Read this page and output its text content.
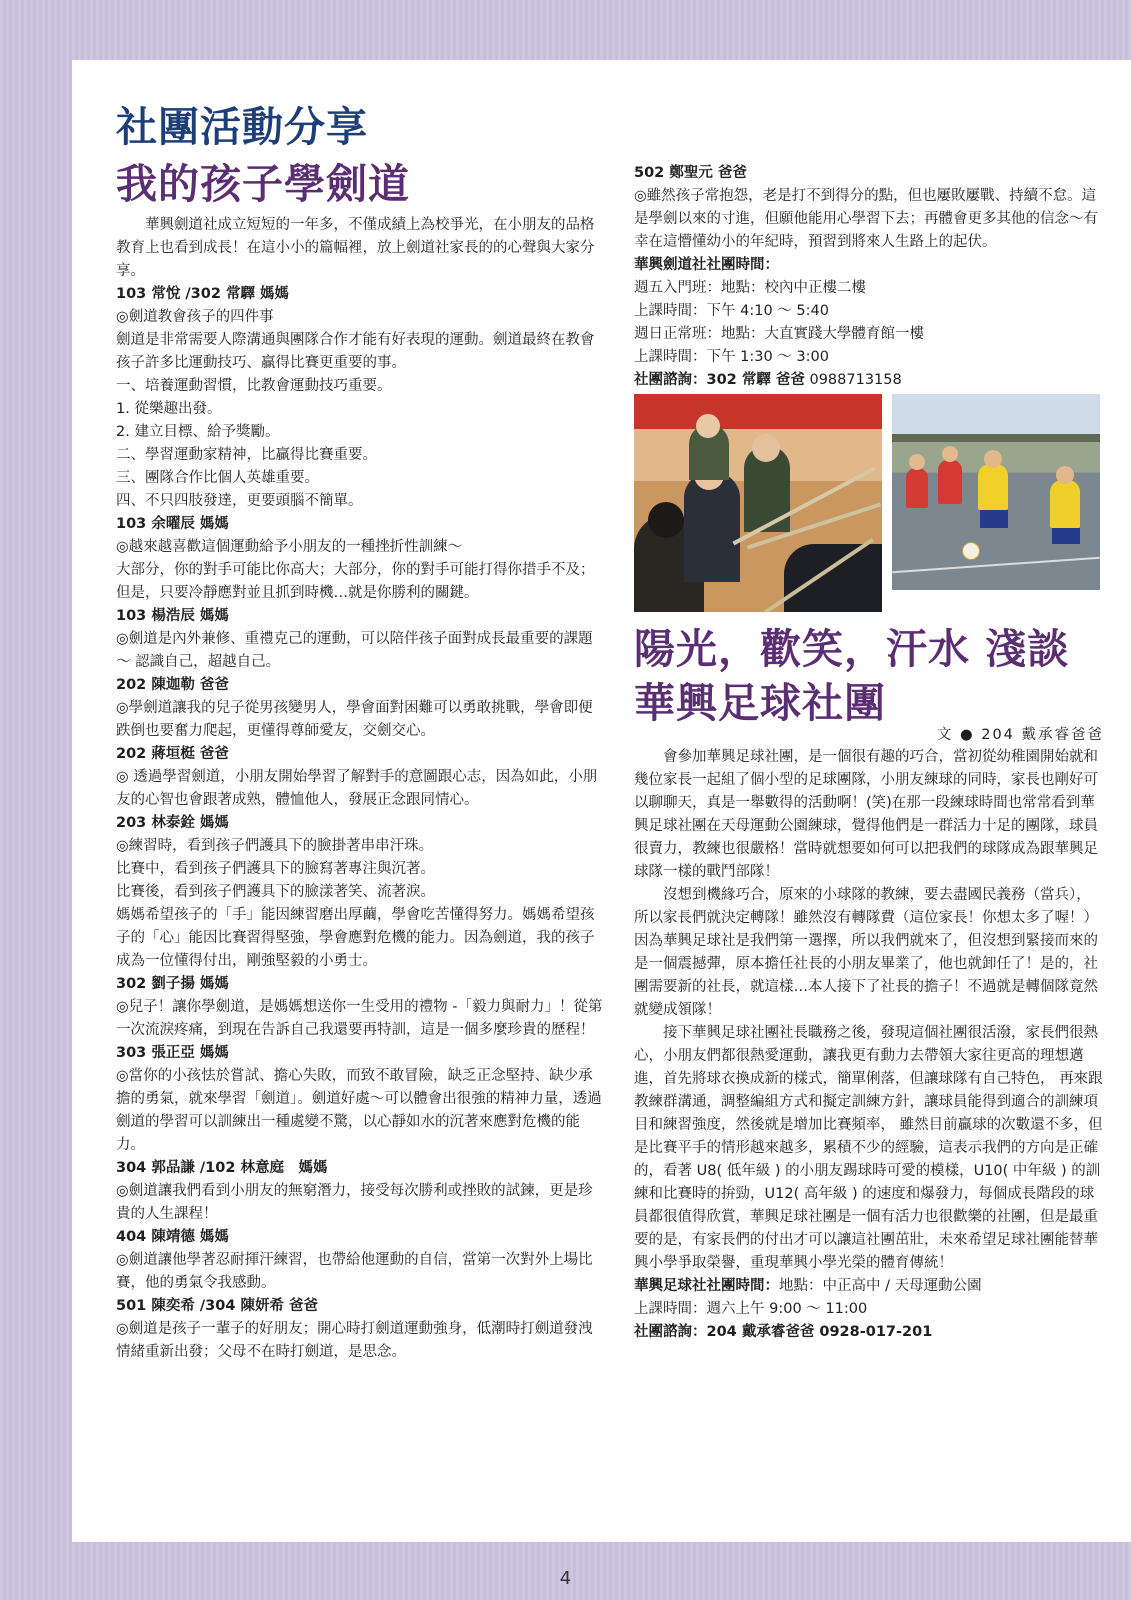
社團活動分享
我的孩子學劍道

華興劍道社成立短短的一年多，不僅成績上為校爭光，在小朋友的品格教育上也看到成長！在這小小的篇幅裡，放上劍道社家長的的心聲與大家分享。

103 常悅 /302 常驛 媽媽

◎劍道教會孩子的四件事

劍道是非常需要人際溝通與團隊合作才能有好表現的運動。劍道最終在教會孩子許多比運動技巧、贏得比賽更重要的事。

一、培養運動習慣，比教會運動技巧重要。

1. 從樂趣出發。

2. 建立目標、給予獎勵。

二、學習運動家精神，比贏得比賽重要。

三、團隊合作比個人英雄重要。

四、不只四肢發達，更要頭腦不簡單。

103 余曜辰 媽媽

◎越來越喜歡這個運動給予小朋友的一種挫折性訓練～

大部分，你的對手可能比你高大；大部分，你的對手可能打得你措手不及；但是，只要冷靜應對並且抓到時機…就是你勝利的關鍵。

103 楊浩辰 媽媽

◎劍道是內外兼修、重禮克己的運動，可以陪伴孩子面對成長最重要的課題～ 認識自己，超越自己。

202 陳迦勒 爸爸

◎學劍道讓我的兒子從男孩變男人，學會面對困難可以勇敢挑戰，學會即便跌倒也要奮力爬起，更懂得尊師愛友，交劍交心。

202 蔣垣梃 爸爸

◎ 透過學習劍道，小朋友開始學習了解對手的意圖跟心志，因為如此，小朋友的心智也會跟著成熟，體恤他人，發展正念跟同情心。

203 林泰銓 媽媽

◎練習時，看到孩子們護具下的臉掛著串串汗珠。

比賽中，看到孩子們護具下的臉寫著專注與沉著。

比賽後，看到孩子們護具下的臉漾著笑、流著淚。

媽媽希望孩子的「手」能因練習磨出厚繭，學會吃苦懂得努力。媽媽希望孩子的「心」能因比賽習得堅強，學會應對危機的能力。因為劍道，我的孩子成為一位懂得付出，剛強堅毅的小勇士。

302 劉子揚 媽媽

◎兒子！讓你學劍道，是媽媽想送你一生受用的禮物 -「毅力與耐力」！從第一次流淚疼痛，到現在告訴自己我還要再特訓，這是一個多麼珍貴的歷程！

303 張正亞 媽媽

◎當你的小孩怯於嘗試、擔心失敗，而致不敢冒險，缺乏正念堅持、缺少承擔的勇氣，就來學習「劍道」。劍道好處～可以體會出很強的精神力量，透過劍道的學習可以訓練出一種處變不驚，以心靜如水的沉著來應對危機的能力。

304 郭品謙 /102 林意庭　媽媽

◎劍道讓我們看到小朋友的無窮潛力，接受每次勝利或挫敗的試鍊，更是珍貴的人生課程！

404 陳靖德 媽媽

◎劍道讓他學著忍耐揮汗練習，也帶給他運動的自信，當第一次對外上場比賽，他的勇氣令我感動。

501 陳奕希 /304 陳妍希 爸爸

◎劍道是孩子一輩子的好朋友；開心時打劍道運動強身，低潮時打劍道發洩情緒重新出發；父母不在時打劍道，是思念。

502 鄭聖元 爸爸

◎雖然孩子常抱怨，老是打不到得分的點，但也屢敗屢戰、持續不怠。這是學劍以來的寸進，但願他能用心學習下去；再體會更多其他的信念～有幸在這懵懂幼小的年紀時，預習到將來人生路上的起伏。

華興劍道社社團時間：

週五入門班：地點：校內中正樓二樓

上課時間：下午 4:10 ～ 5:40

週日正常班：地點：大直實踐大學體育館一樓

上課時間：下午 1:30 ～ 3:00

社團諮詢：302 常驛 爸爸 0988713158

陽光，歡笑，汗水 淺談
華興足球社團

文 ● 204 戴承睿爸爸

會參加華興足球社團，是一個很有趣的巧合，當初從幼稚園開始就和幾位家長一起組了個小型的足球團隊，小朋友練球的同時，家長也剛好可以聊聊天，真是一舉數得的活動啊！(笑)在那一段練球時間也常常看到華興足球社團在天母運動公園練球，覺得他們是一群活力十足的團隊，球員很賣力，教練也很嚴格！當時就想要如何可以把我們的球隊成為跟華興足球隊一樣的戰鬥部隊！

沒想到機緣巧合，原來的小球隊的教練，要去盡國民義務（當兵），所以家長們就決定轉隊！雖然沒有轉隊費（這位家長！你想太多了喔！）因為華興足球社是我們第一選擇，所以我們就來了，但沒想到緊接而來的是一個震撼彈，原本擔任社長的小朋友畢業了，他也就卸任了！是的，社團需要新的社長，就這樣…本人接下了社長的擔子！不過就是轉個隊竟然就變成領隊！

接下華興足球社團社長職務之後，發現這個社團很活潑，家長們很熱心，小朋友們都很熱愛運動，讓我更有動力去帶領大家往更高的理想邁進，首先將球衣換成新的樣式，簡單俐落，但讓球隊有自己特色， 再來跟教練群溝通，調整編組方式和擬定訓練方針，讓球員能得到適合的訓練項目和練習強度，然後就是增加比賽頻率， 雖然目前贏球的次數還不多，但是比賽平手的情形越來越多，累積不少的經驗，這表示我們的方向是正確的，看著 U8( 低年級 ) 的小朋友踢球時可愛的模樣，U10( 中年級 ) 的訓練和比賽時的拚勁，U12( 高年級 ) 的速度和爆發力，每個成長階段的球員都很值得欣賞，華興足球社團是一個有活力也很歡樂的社團，但是最重要的是，有家長們的付出才可以讓這社團茁壯，未來希望足球社團能替華興小學爭取榮譽，重現華興小學光榮的體育傳統！

華興足球社社團時間：地點：中正高中 / 天母運動公園

上課時間：週六上午 9:00 ～ 11:00

社團諮詢：204 戴承睿爸爸 0928-017-201

4
